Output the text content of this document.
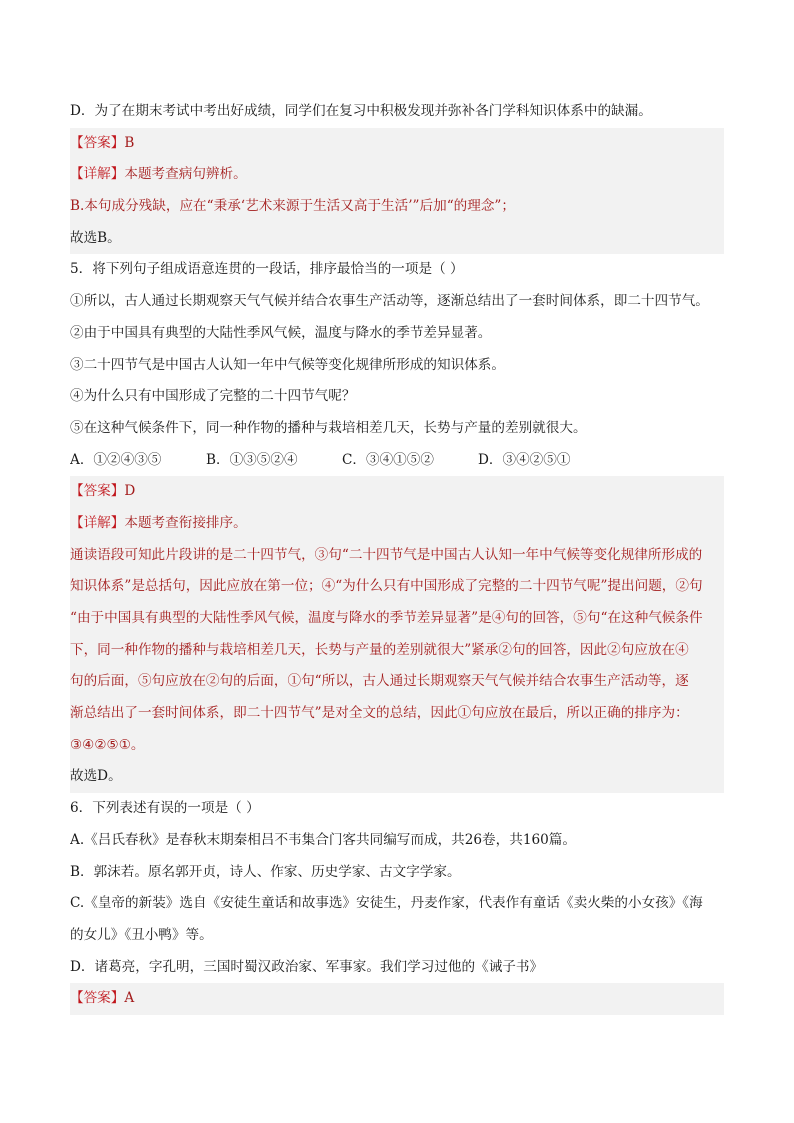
D．为了在期末考试中考出好成绩，同学们在复习中积极发现并弥补各门学科知识体系中的缺漏。
【答案】B
【详解】本题考查病句辨析。
B.本句成分残缺，应在“秉承‘艺术来源于生活又高于生活’”后加“的理念”；
故选B。
5．将下列句子组成语意连贯的一段话，排序最恰当的一项是（ ）
①所以，古人通过长期观察天气气候并结合农事生产活动等，逐渐总结出了一套时间体系，即二十四节气。
②由于中国具有典型的大陆性季风气候，温度与降水的季节差异显著。
③二十四节气是中国古人认知一年中气候等变化规律所形成的知识体系。
④为什么只有中国形成了完整的二十四节气呢？
⑤在这种气候条件下，同一种作物的播种与栽培相差几天，长势与产量的差别就很大。
A．①②④③⑤	B．①③⑤②④	C．③④①⑤②	D．③④②⑤①
【答案】D
【详解】本题考查衔接排序。
通读语段可知此片段讲的是二十四节气，③句“二十四节气是中国古人认知一年中气候等变化规律所形成的
知识体系”是总括句，因此应放在第一位；④“为什么只有中国形成了完整的二十四节气呢”提出问题，②句
“由于中国具有典型的大陆性季风气候，温度与降水的季节差异显著”是④句的回答，⑤句“在这种气候条件
下，同一种作物的播种与栽培相差几天，长势与产量的差别就很大”紧承②句的回答，因此②句应放在④
句的后面，⑤句应放在②句的后面，①句“所以，古人通过长期观察天气气候并结合农事生产活动等，逐
渐总结出了一套时间体系，即二十四节气”是对全文的总结，因此①句应放在最后，所以正确的排序为：
③④②⑤①。
故选D。
6．下列表述有误的一项是（ ）
A.《吕氏春秋》是春秋末期秦相吕不韦集合门客共同编写而成，共26卷，共160篇。
B．郭沫若。原名郭开贞，诗人、作家、历史学家、古文字学家。
C.《皇帝的新装》选自《安徒生童话和故事选》安徒生，丹麦作家，代表作有童话《卖火柴的小女孩》《海
的女儿》《丑小鸭》等。
D．诸葛亮，字孔明，三国时蜀汉政治家、军事家。我们学习过他的《诫子书》
【答案】A
